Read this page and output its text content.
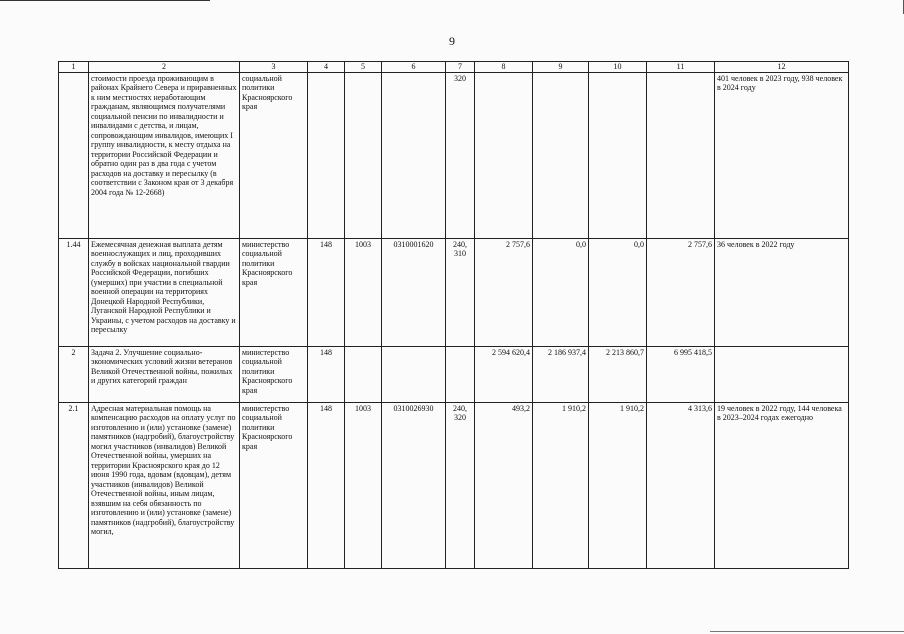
9
1	2	3	4	5	6	7	8	9	10	11	12
	стоимости проезда проживающим в районах Крайнего Севера и приравненных к ним местностях неработающим гражданам, являющимся получателями социальной пенсии по инвалидности и инвалидами с детства, и лицам, сопровождающим инвалидов, имеющих I группу инвалидности, к месту отдыха на территории Российской Федерации и обратно один раз в два года с учетом расходов на доставку и пересылку (в соответствии с Законом края от 3 декабря 2004 года № 12-2668)	социальной политики Красноярского края				320					401 человек в 2023 году, 938 человек в 2024 году
1.44	Ежемесячная денежная выплата детям военнослужащих и лиц, проходивших службу в войсках национальной гвардии Российской Федерации, погибших (умерших) при участии в специальной военной операции на территориях Донецкой Народной Республики, Луганской Народной Республики и Украины, с учетом расходов на доставку и пересылку	министерство социальной политики Красноярского края	148	1003	0310001620	240, 310	2 757,6	0,0	0,0	2 757,6	36 человек в 2022 году
2	Задача 2. Улучшение социально-экономических условий жизни ветеранов Великой Отечественной войны, пожилых и других категорий граждан	министерство социальной политики Красноярского края	148				2 594 620,4	2 186 937,4	2 213 860,7	6 995 418,5	
2.1	Адресная материальная помощь на компенсацию расходов на оплату услуг по изготовлению и (или) установке (замене) памятников (надгробий), благоустройству могил участников (инвалидов) Великой Отечественной войны, умерших на территории Красноярского края до 12 июня 1990 года, вдовам (вдовцам), детям участников (инвалидов) Великой Отечественной войны, иным лицам, взявшим на себя обязанность по изготовлению и (или) установке (замене) памятников (надгробий), благоустройству могил,	министерство социальной политики Красноярского края	148	1003	0310026930	240, 320	493,2	1 910,2	1 910,2	4 313,6	19 человек в 2022 году, 144 человека в 2023–2024 годах ежегодно
